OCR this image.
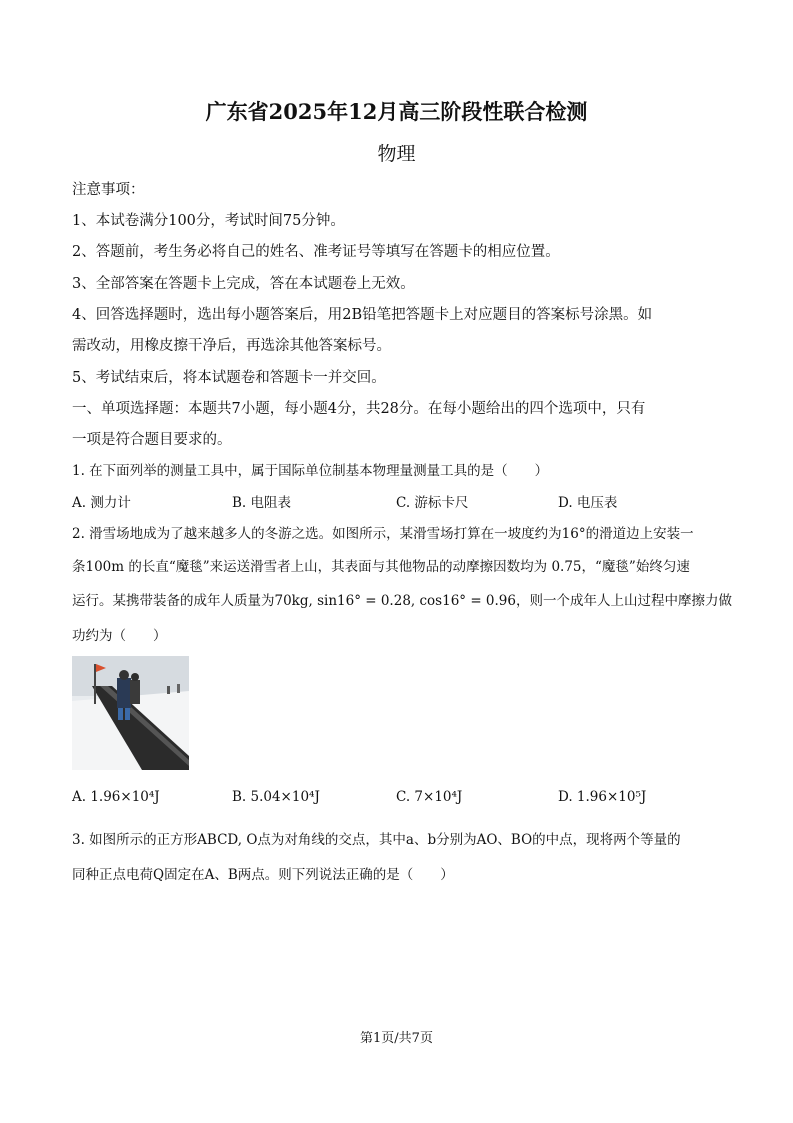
广东省2025年12月高三阶段性联合检测
物理
注意事项：
1、本试卷满分100分，考试时间75分钟。
2、答题前，考生务必将自己的姓名、准考证号等填写在答题卡的相应位置。
3、全部答案在答题卡上完成，答在本试题卷上无效。
4、回答选择题时，选出每小题答案后，用2B铅笔把答题卡上对应题目的答案标号涂黑。如
需改动，用橡皮擦干净后，再选涂其他答案标号。
5、考试结束后，将本试题卷和答题卡一并交回。
一、单项选择题：本题共7小题，每小题4分，共28分。在每小题给出的四个选项中，只有
一项是符合题目要求的。
1. 在下面列举的测量工具中，属于国际单位制基本物理量测量工具的是（　　）
A. 测力计	B. 电阻表	C. 游标卡尺	D. 电压表
2. 滑雪场地成为了越来越多人的冬游之选。如图所示，某滑雪场打算在一坡度约为16°的滑道边上安装一
条100m 的长直“魔毯”来运送滑雪者上山，其表面与其他物品的动摩擦因数均为 0.75，“魔毯”始终匀速
运行。某携带装备的成年人质量为70kg, sin16° = 0.28, cos16° = 0.96，则一个成年人上山过程中摩擦力做
功约为（　　）
A. 1.96×10⁴J	B. 5.04×10⁴J	C. 7×10⁴J	D. 1.96×10⁵J
3. 如图所示的正方形ABCD, O点为对角线的交点，其中a、b分别为AO、BO的中点，现将两个等量的
同种正点电荷Q固定在A、B两点。则下列说法正确的是（　　）
第1页/共7页
